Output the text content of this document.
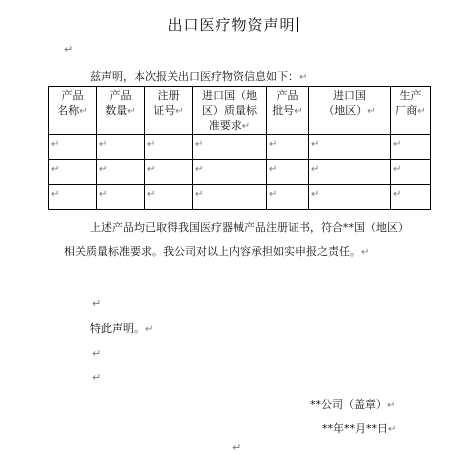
出口医疗物资声明
↵
兹声明，本次报关出口医疗物资信息如下：↵
产品
名称↵	产品
数量↵	注册
证号↵	进口国（地
区）质量标
准要求↵	产品
批号↵	进口国
（地区）↵	生产
厂商↵
↵	↵	↵	↵	↵	↵	↵
↵	↵	↵	↵	↵	↵	↵
↵	↵	↵	↵	↵	↵	↵
上述产品均已取得我国医疗器械产品注册证书，符合**国（地区）相关质量标准要求。我公司对以上内容承担如实申报之责任。↵
↵
特此声明。↵
↵
↵
**公司（盖章）↵
**年**月**日↵
↵
